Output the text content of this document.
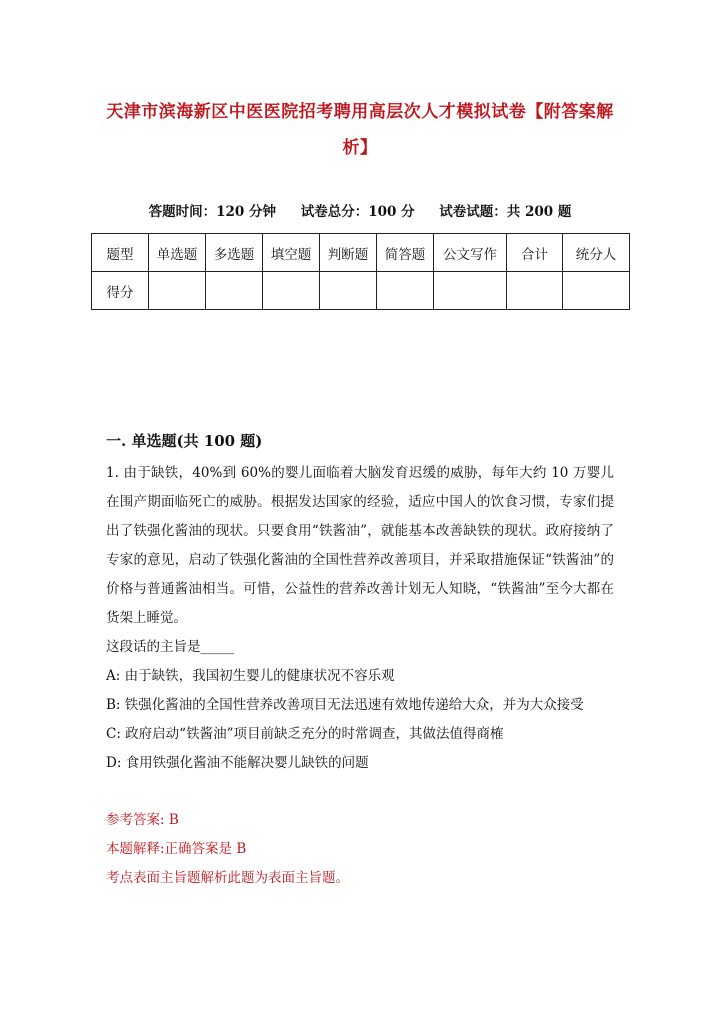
天津市滨海新区中医医院招考聘用高层次人才模拟试卷【附答案解析】
答题时间：120 分钟 试卷总分：100 分 试卷试题：共 200 题
题型	单选题	多选题	填空题	判断题	简答题	公文写作	合计	统分人
得分								
一. 单选题(共 100 题)
1. 由于缺铁，40%到 60%的婴儿面临着大脑发育迟缓的威胁，每年大约 10 万婴儿在围产期面临死亡的威胁。根据发达国家的经验，适应中国人的饮食习惯，专家们提出了铁强化酱油的现状。只要食用“铁酱油”，就能基本改善缺铁的现状。政府接纳了专家的意见，启动了铁强化酱油的全国性营养改善项目，并采取措施保证“铁酱油”的价格与普通酱油相当。可惜，公益性的营养改善计划无人知晓，“铁酱油”至今大都在货架上睡觉。
这段话的主旨是_____
A: 由于缺铁，我国初生婴儿的健康状况不容乐观
B: 铁强化酱油的全国性营养改善项目无法迅速有效地传递给大众，并为大众接受
C: 政府启动“铁酱油”项目前缺乏充分的时常调查，其做法值得商榷
D: 食用铁强化酱油不能解决婴儿缺铁的问题
参考答案: B
本题解释:正确答案是 B
考点表面主旨题解析此题为表面主旨题。
